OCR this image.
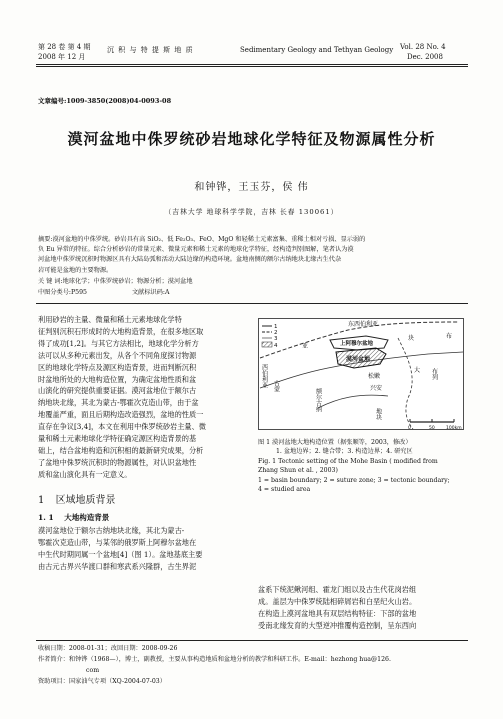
第 28 卷 第 4 期
2008 年 12 月
沉 积 与 特 提 斯 地 质	Sedimentary Geology and Tethyan Geology Vol. 28 No. 4
Dec. 2008
文章编号:1009-3850(2008)04-0093-08
漠河盆地中侏罗统砂岩地球化学特征及物源属性分析
和钟铧，王玉芬，侯 伟
（吉林大学 地球科学学院，吉林 长春 130061）
摘要:漠河盆地的中侏罗统。砂岩具有高 SiO₂、低 Fe₂O₃、FeO、MgO 和轻稀土元素富集、重稀土相对亏损、显示弱的
负 Eu 异常的特征。综合分析砂岩的常量元素、微量元素和稀土元素的地球化学特征，经构造判别图解，笔者认为漠
河盆地中侏罗统沉积时物源区具有大陆岛弧和活动大陆边缘的构造环境。盆地南侧的额尔古纳地块北缘古生代杂
岩可能是盆地的主要物源。
关 键 词:地球化学；中侏罗统砂岩；物源分析；漠河盆地
中图分类号:P595	文献标识码:A
利用砂岩的主量、微量和稀土元素地球化学特
征判别沉积石形成时的大地构造背景，在很多地区取
得了成功[1,2]。与其它方法相比，地球化学分析方
法可以从多种元素出发，从各个不同角度探讨物源
区的地球化学特点及源区构造背景，进而判断沉积
时盆地所处的大地构造位置，为确定盆地性质和盆
山演化的研究提供重要证据。漠河盆地位于额尔古
纳地块北缘，其北为蒙古-鄂霍次克造山带，由于盆
地覆盖严重，面且后期构造改造强烈，盆地的性质一
直存在争议[3,4]，本文在利用中侏罗统砂岩主量、微
量和稀土元素地球化学特征确定源区构造背景的基
础上，结合盆地构造和沉积相的最新研究成果，分析
了盆地中侏罗统沉积时的物源属性，对认识盆地性
质和盆山演化具有一定意义。
1 区域地质背景
1. 1 大地构造背景
漠河盆地位于额尔古纳地块北缘，其北为蒙古-
鄂霍次克造山带，与某邻的俄罗斯上阿穆尔盆地在
中生代时期同属一个盆地[4]（图 1）。盆地基底主要
由古元古界兴华渡口群和寒武系兴隆群，古生界泥
1
2
3
4
西伯利亚
东西伯利亚
上阿穆尔盆地
漠河盆地
块
古蒙
额尔古纳
松嫩
兴安
地块
布列
亚
大
布
0	50	100km
图 1 漠河盆地大地构造位置（据张顺等，2003，修改）
1. 盆地边界；2. 缝合带；3. 构造边界；4. 研究区
Fig. 1 Tectonic setting of the Mohe Basin ( modified from
Zhang Shun et al. , 2003)
1 = basin boundary; 2 = suture zone; 3 = tectonic boundary;
4 = studied area
盆系下统泥鳅河组、霍龙门组以及古生代花岗岩组
成。盖层为中侏罗统陆相碎屑岩和白垩纪火山岩。
在构造上漠河盆地具有双层结构特征：下部的盆地
受南北缘发育的大型逆冲推覆构造控制，呈东西向
收稿日期：2008-01-31；改回日期：2008-09-26
作者简介：和钟铧（1968—），博士，副教授，主要从事构造地质和盆地分析的教学和科研工作。E-mail：hezhong hua@126.
com
资助项目：国家油气专项（XQ-2004-07-03）
